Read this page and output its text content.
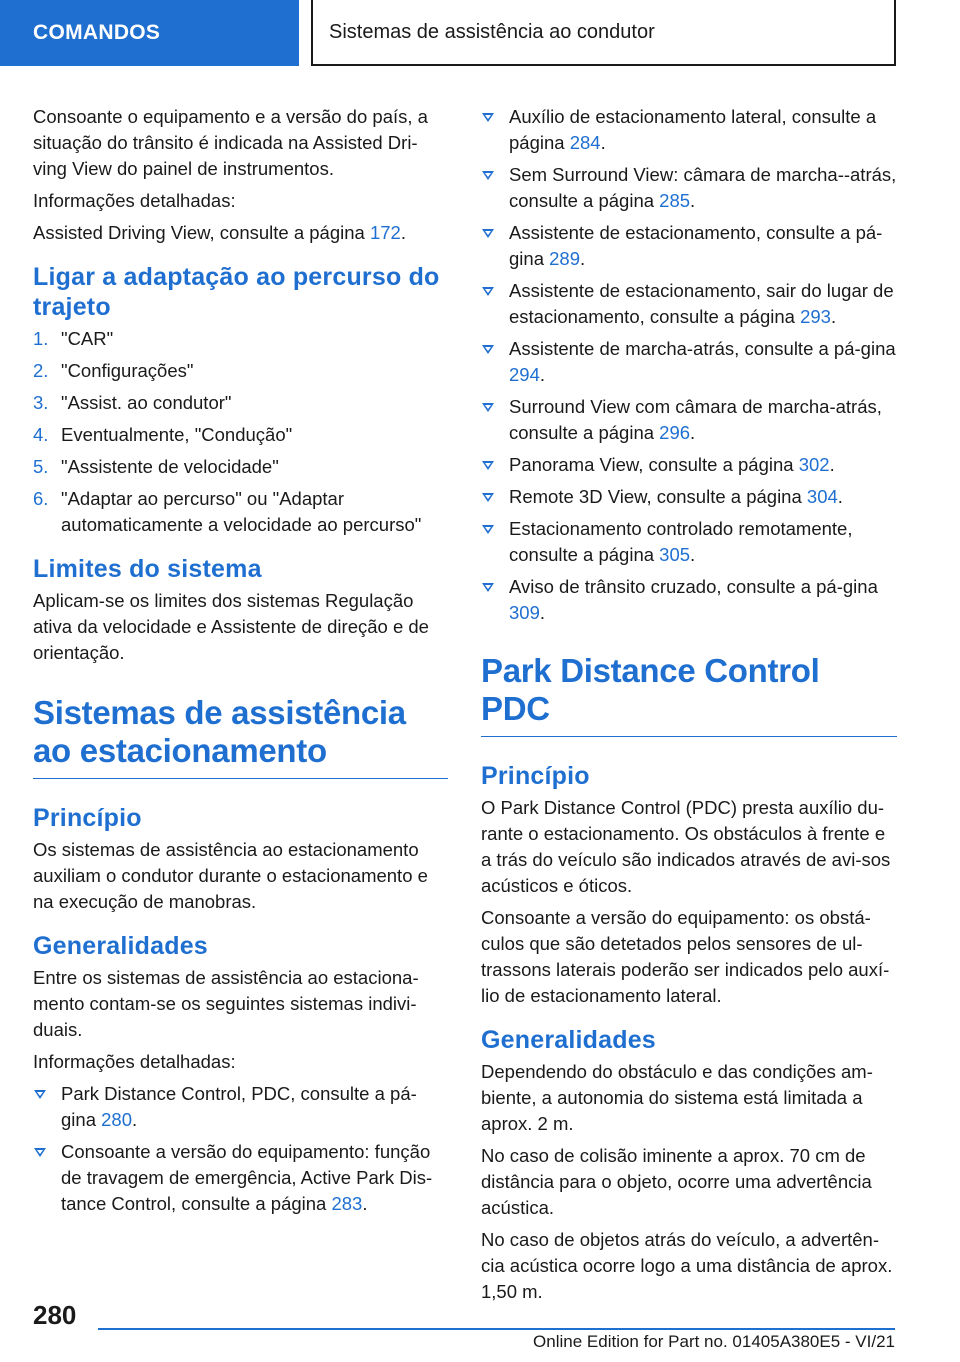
COMANDOS	Sistemas de assistência ao condutor

Consoante o equipamento e a versão do país, a situação do trânsito é indicada na Assisted Dri-ving View do painel de instrumentos.

Informações detalhadas:

Assisted Driving View, consulte a página 172.

Ligar a adaptação ao percurso do trajeto
1. "CAR"
2. "Configurações"
3. "Assist. ao condutor"
4. Eventualmente, "Condução"
5. "Assistente de velocidade"
6. "Adaptar ao percurso" ou "Adaptar automaticamente a velocidade ao percurso"
Limites do sistema

Aplicam-se os limites dos sistemas Regulação ativa da velocidade e Assistente de direção e de orientação.

Sistemas de assistência ao estacionamento
Princípio

Os sistemas de assistência ao estacionamento auxiliam o condutor durante o estacionamento e na execução de manobras.

Generalidades

Entre os sistemas de assistência ao estaciona-mento contam-se os seguintes sistemas indivi-duais.

Informações detalhadas:

Park Distance Control, PDC, consulte a pá-gina 280.
Consoante a versão do equipamento: função de travagem de emergência, Active Park Dis-tance Control, consulte a página 283.
Auxílio de estacionamento lateral, consulte a página 284.
Sem Surround View: câmara de marcha--atrás, consulte a página 285.
Assistente de estacionamento, consulte a pá-gina 289.
Assistente de estacionamento, sair do lugar de estacionamento, consulte a página 293.
Assistente de marcha-atrás, consulte a pá-gina 294.
Surround View com câmara de marcha-atrás, consulte a página 296.
Panorama View, consulte a página 302.
Remote 3D View, consulte a página 304.
Estacionamento controlado remotamente, consulte a página 305.
Aviso de trânsito cruzado, consulte a pá-gina 309.
Park Distance Control PDC
Princípio

O Park Distance Control (PDC) presta auxílio du-rante o estacionamento. Os obstáculos à frente e a trás do veículo são indicados através de avi-sos acústicos e óticos.

Consoante a versão do equipamento: os obstá-culos que são detetados pelos sensores de ul-trassons laterais poderão ser indicados pelo auxí-lio de estacionamento lateral.

Generalidades

Dependendo do obstáculo e das condições am-biente, a autonomia do sistema está limitada a aprox. 2 m.

No caso de colisão iminente a aprox. 70 cm de distância para o objeto, ocorre uma advertência acústica.

No caso de objetos atrás do veículo, a advertên-cia acústica ocorre logo a uma distância de aprox. 1,50 m.

280
Online Edition for Part no. 01405A380E5 - VI/21
